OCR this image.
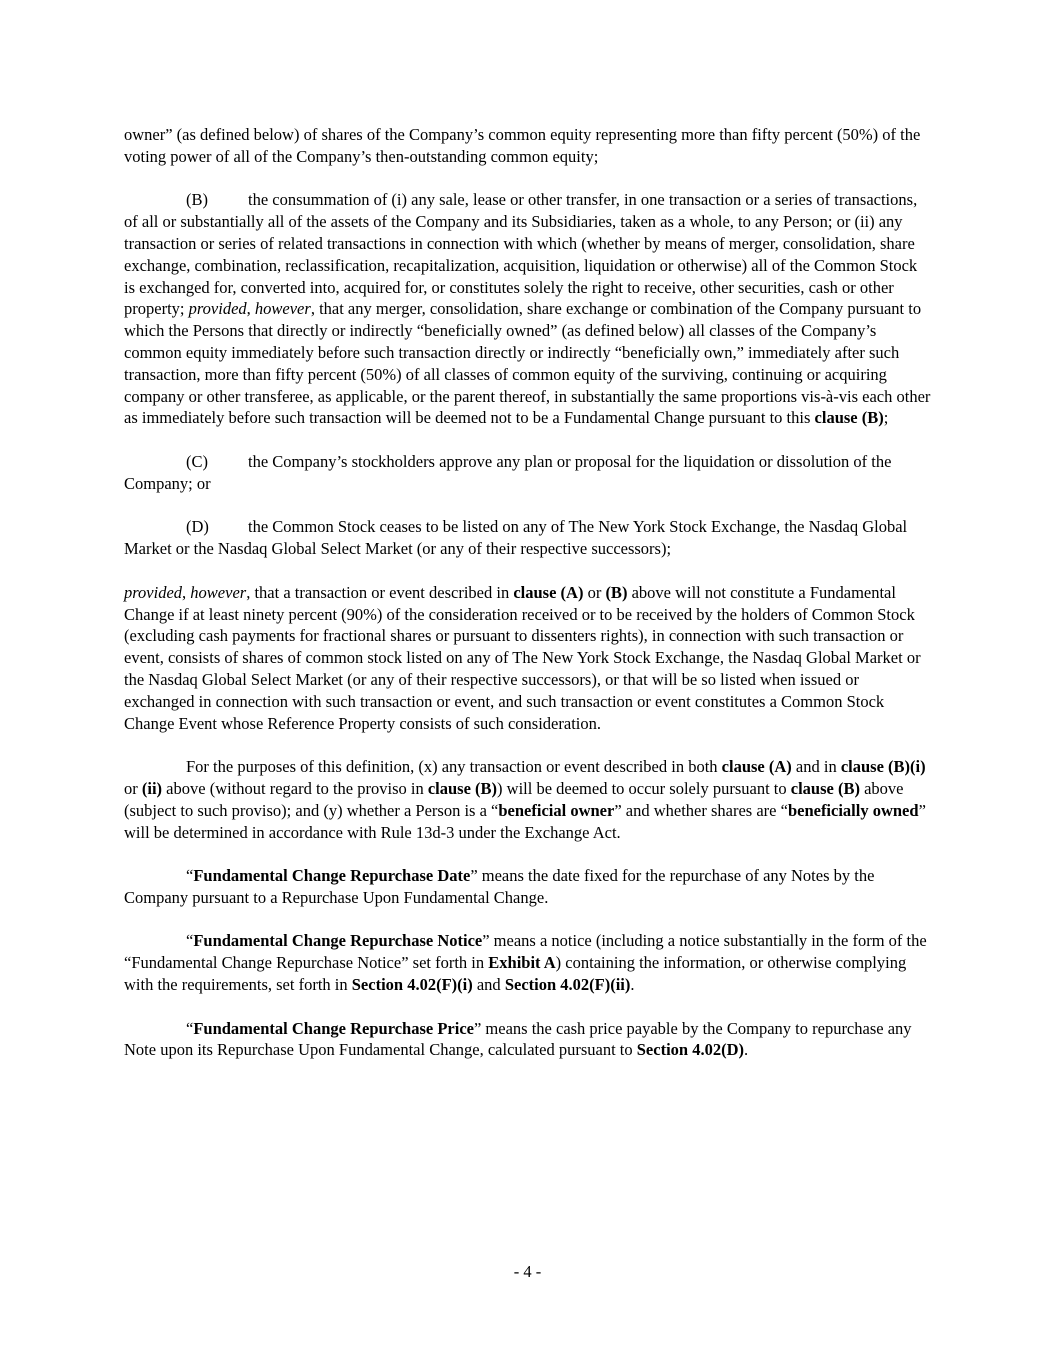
owner” (as defined below) of shares of the Company’s common equity representing more than fifty percent (50%) of the voting power of all of the Company’s then-outstanding common equity;

(B) the consummation of (i) any sale, lease or other transfer, in one transaction or a series of transactions, of all or substantially all of the assets of the Company and its Subsidiaries, taken as a whole, to any Person; or (ii) any transaction or series of related transactions in connection with which (whether by means of merger, consolidation, share exchange, combination, reclassification, recapitalization, acquisition, liquidation or otherwise) all of the Common Stock is exchanged for, converted into, acquired for, or constitutes solely the right to receive, other securities, cash or other property; provided, however, that any merger, consolidation, share exchange or combination of the Company pursuant to which the Persons that directly or indirectly “beneficially owned” (as defined below) all classes of the Company’s common equity immediately before such transaction directly or indirectly “beneficially own,” immediately after such transaction, more than fifty percent (50%) of all classes of common equity of the surviving, continuing or acquiring company or other transferee, as applicable, or the parent thereof, in substantially the same proportions vis-à-vis each other as immediately before such transaction will be deemed not to be a Fundamental Change pursuant to this clause (B);

(C) the Company’s stockholders approve any plan or proposal for the liquidation or dissolution of the Company; or

(D) the Common Stock ceases to be listed on any of The New York Stock Exchange, the Nasdaq Global Market or the Nasdaq Global Select Market (or any of their respective successors);

provided, however, that a transaction or event described in clause (A) or (B) above will not constitute a Fundamental Change if at least ninety percent (90%) of the consideration received or to be received by the holders of Common Stock (excluding cash payments for fractional shares or pursuant to dissenters rights), in connection with such transaction or event, consists of shares of common stock listed on any of The New York Stock Exchange, the Nasdaq Global Market or the Nasdaq Global Select Market (or any of their respective successors), or that will be so listed when issued or exchanged in connection with such transaction or event, and such transaction or event constitutes a Common Stock Change Event whose Reference Property consists of such consideration.

For the purposes of this definition, (x) any transaction or event described in both clause (A) and in clause (B)(i) or (ii) above (without regard to the proviso in clause (B)) will be deemed to occur solely pursuant to clause (B) above (subject to such proviso); and (y) whether a Person is a “beneficial owner” and whether shares are “beneficially owned” will be determined in accordance with Rule 13d-3 under the Exchange Act.

“Fundamental Change Repurchase Date” means the date fixed for the repurchase of any Notes by the Company pursuant to a Repurchase Upon Fundamental Change.

“Fundamental Change Repurchase Notice” means a notice (including a notice substantially in the form of the “Fundamental Change Repurchase Notice” set forth in Exhibit A) containing the information, or otherwise complying with the requirements, set forth in Section 4.02(F)(i) and Section 4.02(F)(ii).

“Fundamental Change Repurchase Price” means the cash price payable by the Company to repurchase any Note upon its Repurchase Upon Fundamental Change, calculated pursuant to Section 4.02(D).

- 4 -
